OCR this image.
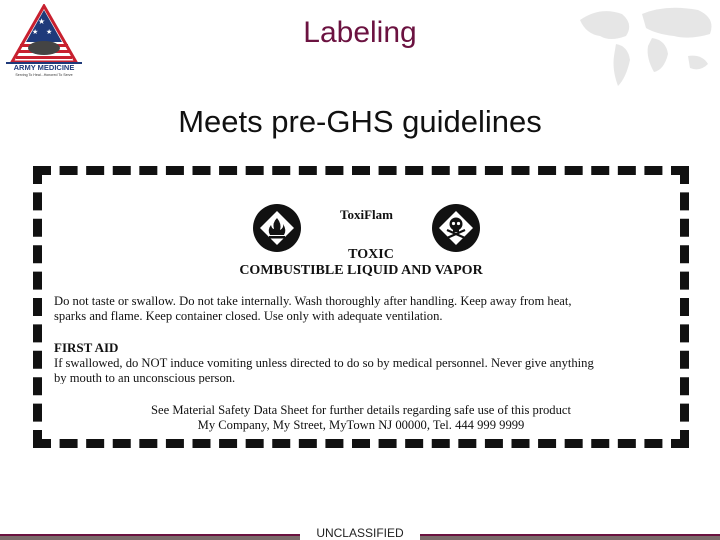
★
★ ★
ARMY MEDICINE
Serving To Heal...Honored To Serve
Labeling
Meets pre-GHS guidelines
ToxiFlam
TOXIC
COMBUSTIBLE LIQUID AND VAPOR
Do not taste or swallow. Do not take internally. Wash thoroughly after handling. Keep away from heat,
sparks and flame. Keep container closed. Use only with adequate ventilation.
FIRST AID
If swallowed, do NOT induce vomiting unless directed to do so by medical personnel. Never give anything
by mouth to an unconscious person.
See Material Safety Data Sheet for further details regarding safe use of this product
My Company, My Street, MyTown NJ 00000, Tel. 444 999 9999
UNCLASSIFIED
